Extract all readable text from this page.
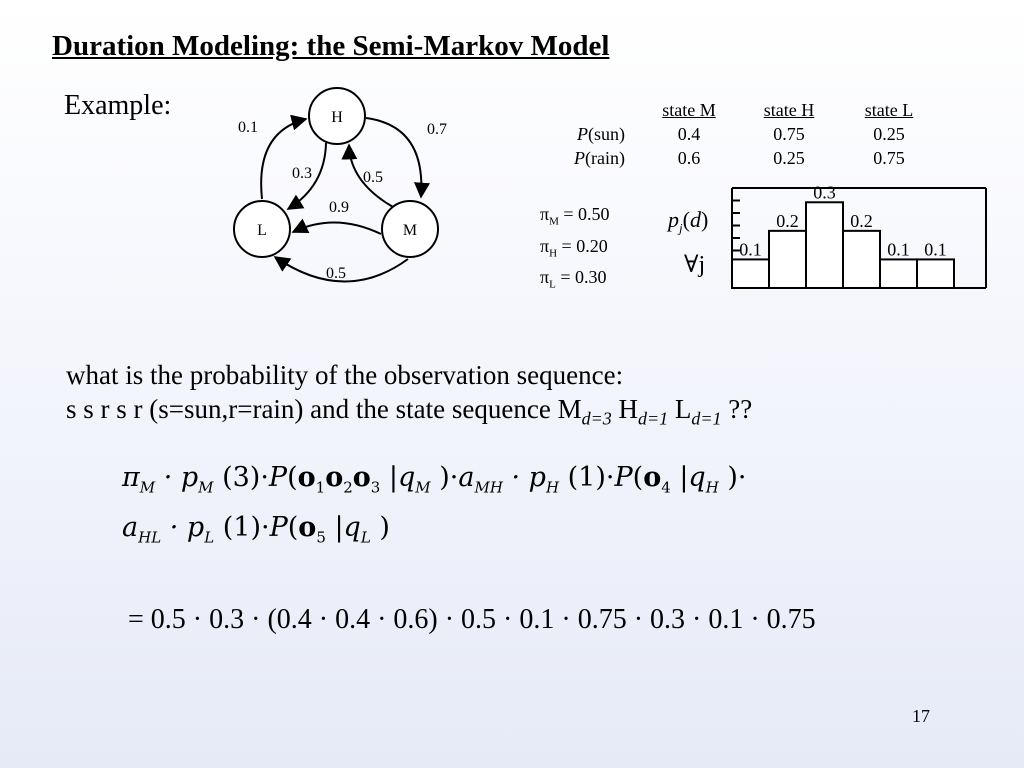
Duration Modeling: the Semi-Markov Model
Example:	H
L	M
0.1	0.7
0.3	0.5
0.9
0.5
	state M	state H	state L
P(sun)	0.4	0.75	0.25
P(rain)	0.6	0.25	0.75
$\pi_M = 0.50$
$\pi_H = 0.20$
$\pi_L = 0.30$
$p_j(d)$
∀j
0.1
0.2
0.3
0.2
0.1 0.1
what is the probability of the observation sequence:
s s r s r (s=sun,r=rain) and the state sequence $M_{d=3}$ $H_{d=1}$ $L_{d=1}$ ??
$\pi_M \cdot p_M$ $(3)\cdot P(o_1o_2o_3$ $|q_M$ )$\cdot a_{MH} \cdot p_H$ $(1)\cdot P(o_4$ $|q_H$ )·
$a_{HL} \cdot p_L$ $(1)\cdot P(o_5$ $|q_L$ )
= 0.5 · 0.3 · (0.4 · 0.4 · 0.6) · 0.5 · 0.1 · 0.75 · 0.3 · 0.1 · 0.75
17
